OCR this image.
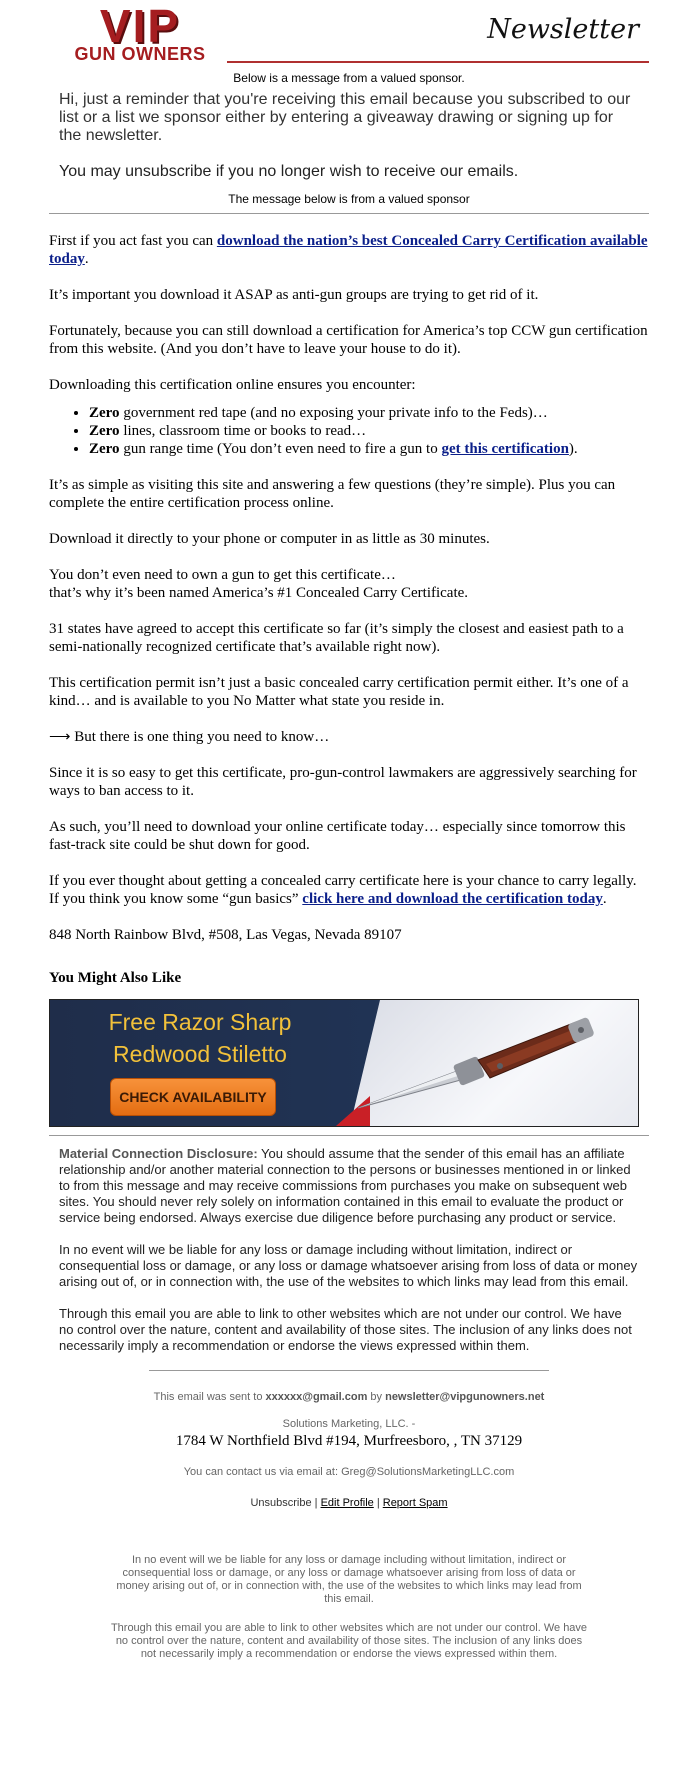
VIP
GUN OWNERS
Newsletter
Below is a message from a valued sponsor.

Hi, just a reminder that you're receiving this email because you subscribed to our list or a list we sponsor either by entering a giveaway drawing or signing up for the newsletter.

You may unsubscribe if you no longer wish to receive our emails.

The message below is from a valued sponsor

First if you act fast you can download the nation’s best Concealed Carry Certification available today.

It’s important you download it ASAP as anti-gun groups are trying to get rid of it.

Fortunately, because you can still download a certification for America’s top CCW gun certification from this website. (And you don’t have to leave your house to do it).

Downloading this certification online ensures you encounter:

• Zero government red tape (and no exposing your private info to the Feds)…
• Zero lines, classroom time or books to read…
• Zero gun range time (You don’t even need to fire a gun to get this certification).

It’s as simple as visiting this site and answering a few questions (they’re simple). Plus you can complete the entire certification process online.

Download it directly to your phone or computer in as little as 30 minutes.

You don’t even need to own a gun to get this certificate…
that’s why it’s been named America’s #1 Concealed Carry Certificate.

31 states have agreed to accept this certificate so far (it’s simply the closest and easiest path to a semi-nationally recognized certificate that’s available right now).

This certification permit isn’t just a basic concealed carry certification permit either. It’s one of a kind… and is available to you No Matter what state you reside in.

⟶ But there is one thing you need to know…

Since it is so easy to get this certificate, pro-gun-control lawmakers are aggressively searching for ways to ban access to it.

As such, you’ll need to download your online certificate today… especially since tomorrow this fast-track site could be shut down for good.

If you ever thought about getting a concealed carry certificate here is your chance to carry legally. If you think you know some “gun basics” click here and download the certification today.

848 North Rainbow Blvd, #508, Las Vegas, Nevada 89107

You Might Also Like
Free Razor Sharp
Redwood Stiletto
CHECK AVAILABILITY

Material Connection Disclosure: You should assume that the sender of this email has an affiliate relationship and/or another material connection to the persons or businesses mentioned in or linked to from this message and may receive commissions from purchases you make on subsequent web sites. You should never rely solely on information contained in this email to evaluate the product or service being endorsed. Always exercise due diligence before purchasing any product or service.

In no event will we be liable for any loss or damage including without limitation, indirect or consequential loss or damage, or any loss or damage whatsoever arising from loss of data or money arising out of, or in connection with, the use of the websites to which links may lead from this email.

Through this email you are able to link to other websites which are not under our control. We have no control over the nature, content and availability of those sites. The inclusion of any links does not necessarily imply a recommendation or endorse the views expressed within them.

This email was sent to xxxxxx@gmail.com by newsletter@vipgunowners.net
Solutions Marketing, LLC. -
1784 W Northfield Blvd #194, Murfreesboro, , TN 37129
You can contact us via email at: Greg@SolutionsMarketingLLC.com
Unsubscribe | Edit Profile | Report Spam
In no event will we be liable for any loss or damage including without limitation, indirect or consequential loss or damage, or any loss or damage whatsoever arising from loss of data or money arising out of, or in connection with, the use of the websites to which links may lead from this email.
Through this email you are able to link to other websites which are not under our control. We have no control over the nature, content and availability of those sites. The inclusion of any links does not necessarily imply a recommendation or endorse the views expressed within them.
